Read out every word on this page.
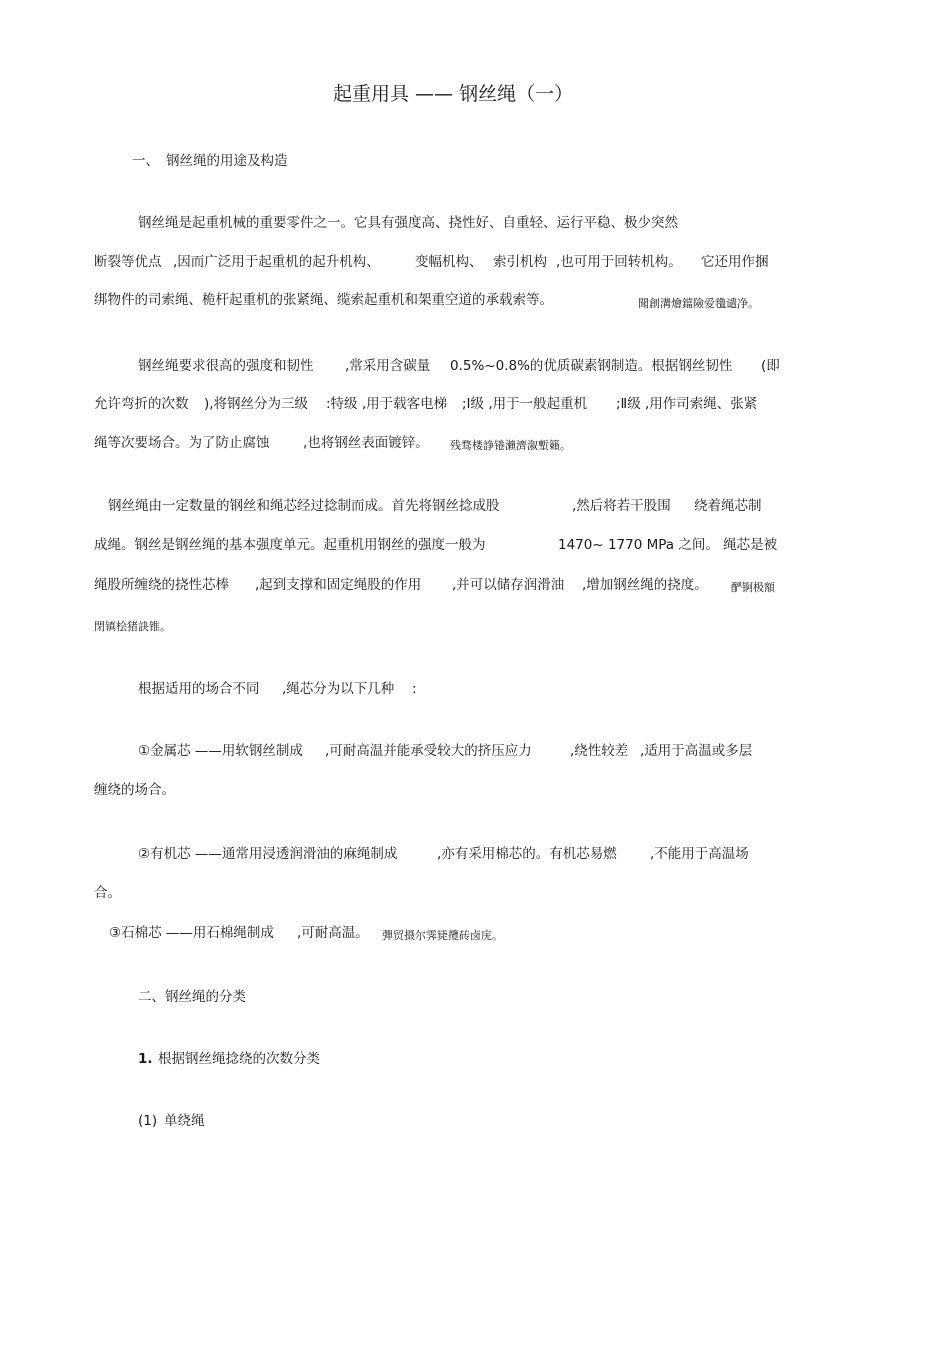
起重用具 —— 钢丝绳（一）
一、 钢丝绳的用途及构造
钢丝绳是起重机械的重要零件之一。它具有强度高、挠性好、自重轻、运行平稳、极少突然
断裂等优点 ,因而广泛用于起重机的起升机构、	变幅机构、 索引机构 ,也可用于回转机构。 它还用作捆
绑物件的司索绳、桅杆起重机的张紧绳、缆索起重机和架重空道的承载索等。	聞創溝燴鐺險爱氇谴净。
钢丝绳要求很高的强度和韧性 ,常采用含碳量 0.5%~0.8%的优质碳素钢制造。根据钢丝韧性 (即
允许弯折的次数 ),将钢丝分为三级 :特级 ,用于载客电梯 ;Ⅰ级 ,用于一般起重机 ;Ⅱ级 ,用作司索绳、张紧
绳等次要场合。为了防止腐蚀 ,也将钢丝表面镀锌。 残骛楼諍锩瀨濟溆塹籟。
钢丝绳由一定数量的钢丝和绳芯经过捻制而成。首先将钢丝捻成股	,然后将若干股围 绕着绳芯制
成绳。钢丝是钢丝绳的基本强度单元。起重机用钢丝的强度一般为	1470~ 1770 MPa 之间。 绳芯是被
绳股所缠绕的挠性芯棒 ,起到支撑和固定绳股的作用 ,并可以储存润滑油 ,增加钢丝绳的挠度。 酽锕极額
閉镇桧猪訣锥。
根据适用的场合不同 ,绳芯分为以下几种 :
①金属芯 ——用软钢丝制成 ,可耐高温并能承受较大的挤压应力	,绕性较差 ,适用于高温或多层
缠绕的场合。
②有机芯 ——通常用浸透润滑油的麻绳制成	,亦有采用棉芯的。有机芯易燃 ,不能用于高温场
合。
③石棉芯 ——用石棉绳制成 ,可耐高温。 彈贸摄尔霁毙攬砖卤庑。
二、钢丝绳的分类
1. 根据钢丝绳捻绕的次数分类
(1) 单绕绳
